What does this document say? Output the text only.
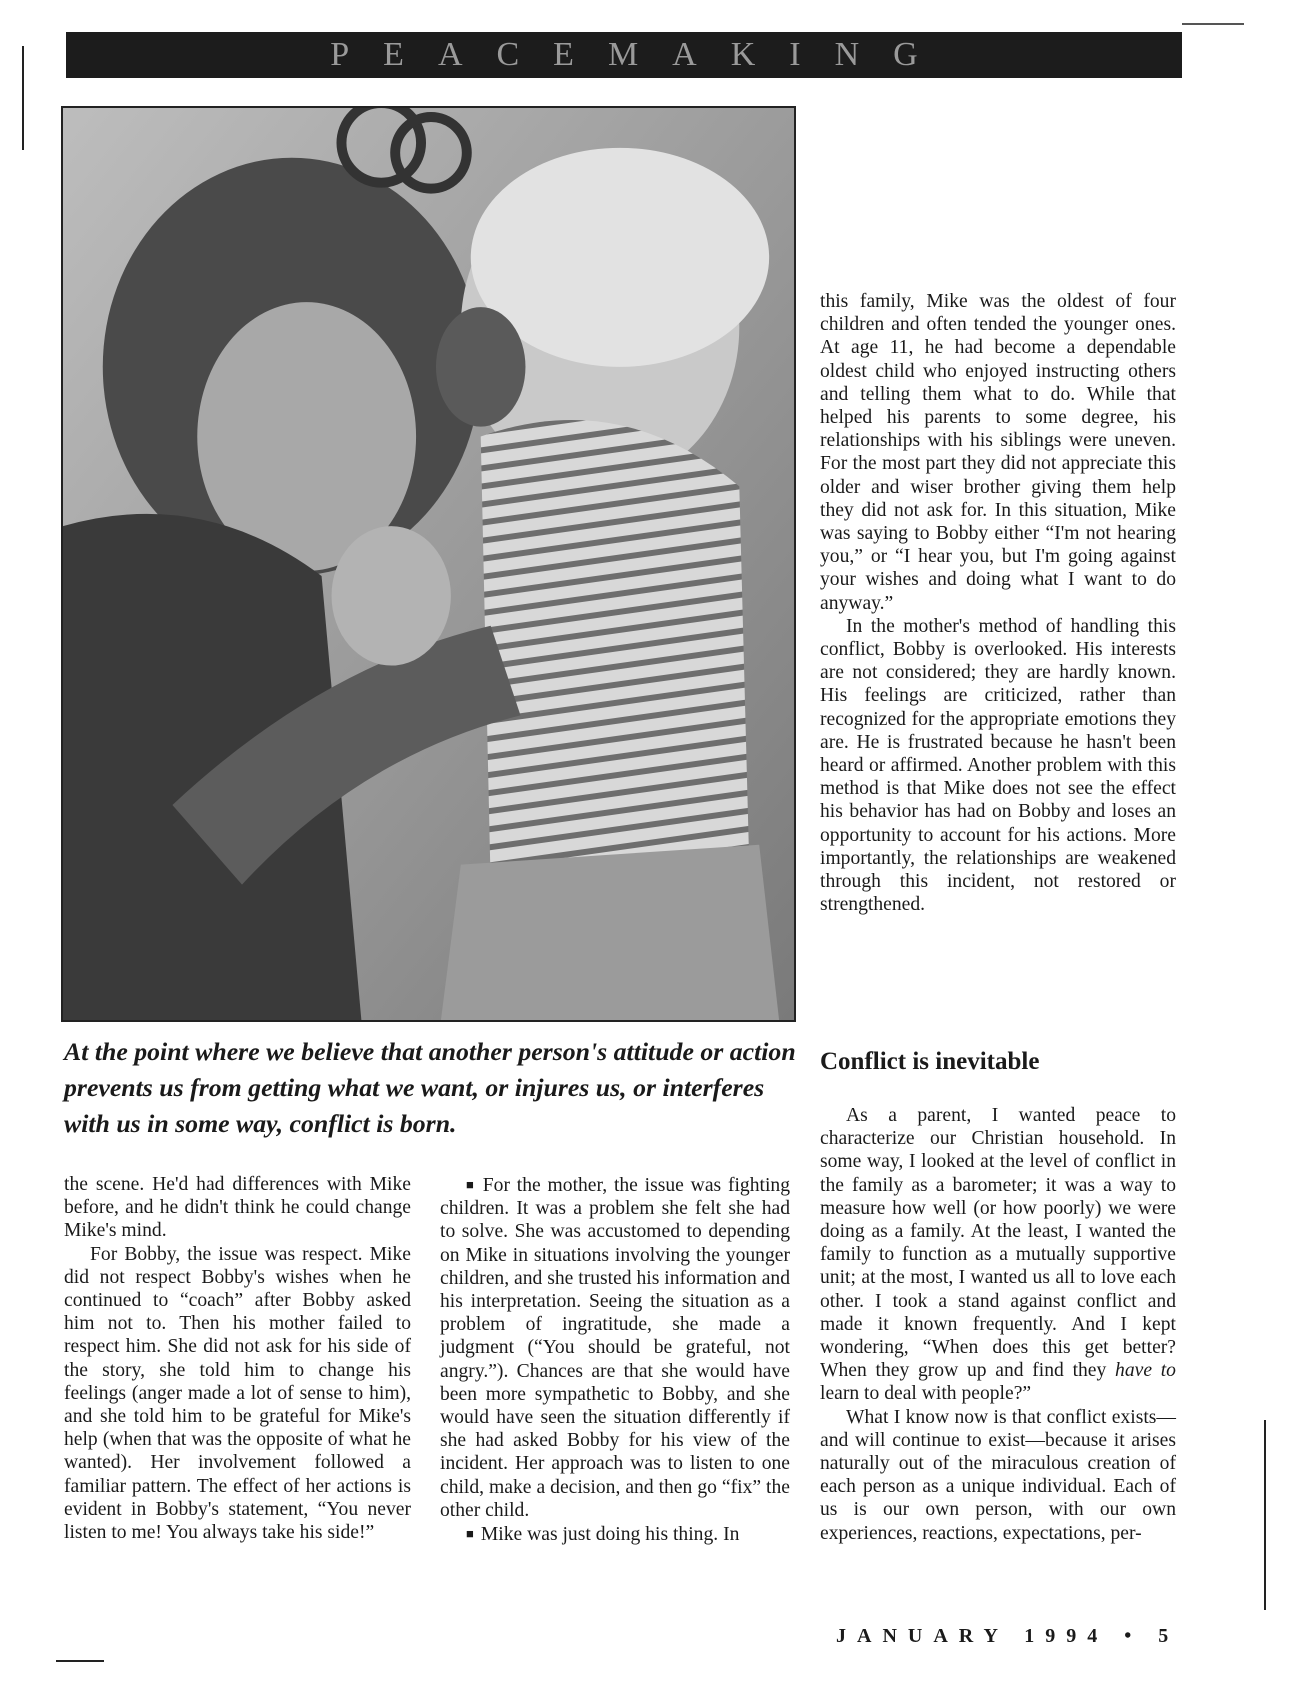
PEACEMAKING

At the point where we believe that another person's attitude or action prevents us from getting what we want, or injures us, or interferes with us in some way, conflict is born.

this family, Mike was the oldest of four children and often tended the younger ones. At age 11, he had become a dependable oldest child who enjoyed instructing others and telling them what to do. While that helped his parents to some degree, his relationships with his siblings were uneven. For the most part they did not appreciate this older and wiser brother giving them help they did not ask for. In this situation, Mike was saying to Bobby either “I'm not hearing you,” or “I hear you, but I'm going against your wishes and doing what I want to do anyway.”

In the mother's method of handling this conflict, Bobby is overlooked. His interests are not considered; they are hardly known. His feelings are criticized, rather than recognized for the appropriate emotions they are. He is frustrated because he hasn't been heard or affirmed. Another problem with this method is that Mike does not see the effect his behavior has had on Bobby and loses an opportunity to account for his actions. More importantly, the relationships are weakened through this incident, not restored or strengthened.

Conflict is inevitable

As a parent, I wanted peace to characterize our Christian household. In some way, I looked at the level of conflict in the family as a barometer; it was a way to measure how well (or how poorly) we were doing as a family. At the least, I wanted the family to function as a mutually supportive unit; at the most, I wanted us all to love each other. I took a stand against conflict and made it known frequently. And I kept wondering, “When does this get better? When they grow up and find they have to learn to deal with people?”

What I know now is that conflict exists—and will continue to exist—because it arises naturally out of the miraculous creation of each person as a unique individual. Each of us is our own person, with our own experiences, reactions, expectations, per-

the scene. He'd had differences with Mike before, and he didn't think he could change Mike's mind.

For Bobby, the issue was respect. Mike did not respect Bobby's wishes when he continued to “coach” after Bobby asked him not to. Then his mother failed to respect him. She did not ask for his side of the story, she told him to change his feelings (anger made a lot of sense to him), and she told him to be grateful for Mike's help (when that was the opposite of what he wanted). Her involvement followed a familiar pattern. The effect of her actions is evident in Bobby's statement, “You never listen to me! You always take his side!”

■ For the mother, the issue was fighting children. It was a problem she felt she had to solve. She was accustomed to depending on Mike in situations involving the younger children, and she trusted his information and his interpretation. Seeing the situation as a problem of ingratitude, she made a judgment (“You should be grateful, not angry.”). Chances are that she would have been more sympathetic to Bobby, and she would have seen the situation differently if she had asked Bobby for his view of the incident. Her approach was to listen to one child, make a decision, and then go “fix” the other child.

■ Mike was just doing his thing. In

JANUARY 1994 • 5
